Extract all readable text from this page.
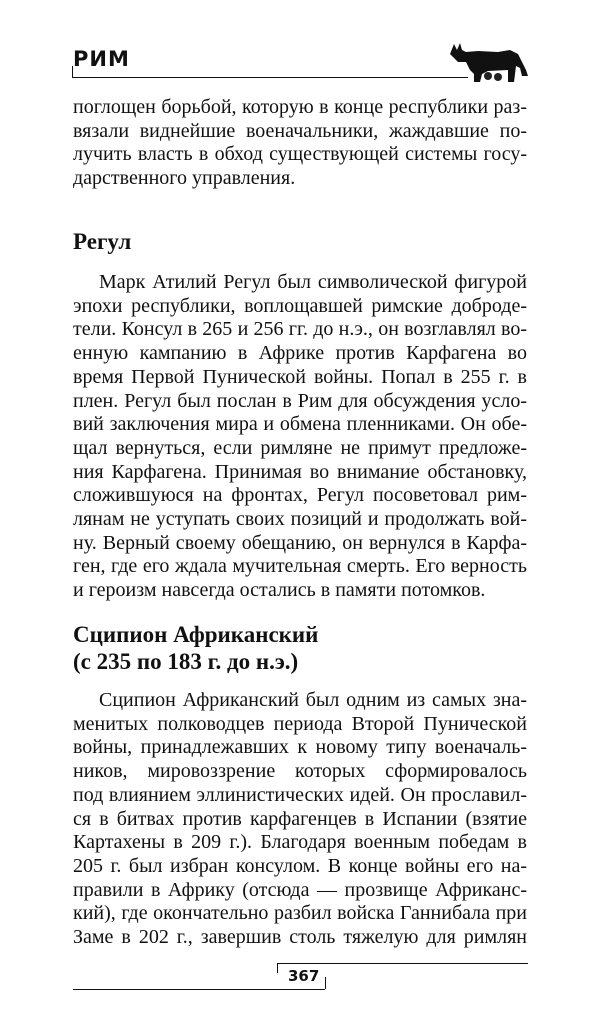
РИМ
поглощен борьбой, которую в конце республики раз-
вязали виднейшие военачальники, жаждавшие по-
лучить власть в обход существующей системы госу-
дарственного управления.
Регул
Марк Атилий Регул был символической фигурой
эпохи республики, воплощавшей римские доброде-
тели. Консул в 265 и 256 гг. до н.э., он возглавлял во-
енную кампанию в Африке против Карфагена во
время Первой Пунической войны. Попал в 255 г. в
плен. Регул был послан в Рим для обсуждения усло-
вий заключения мира и обмена пленниками. Он обе-
щал вернуться, если римляне не примут предложе-
ния Карфагена. Принимая во внимание обстановку,
сложившуюся на фронтах, Регул посоветовал рим-
лянам не уступать своих позиций и продолжать вой-
ну. Верный своему обещанию, он вернулся в Карфа-
ген, где его ждала мучительная смерть. Его верность
и героизм навсегда остались в памяти потомков.
Сципион Африканский
(с 235 по 183 г. до н.э.)
Сципион Африканский был одним из самых зна-
менитых полководцев периода Второй Пунической
войны, принадлежавших к новому типу военачаль-
ников, мировоззрение которых сформировалось
под влиянием эллинистических идей. Он прославил-
ся в битвах против карфагенцев в Испании (взятие
Картахены в 209 г.). Благодаря военным победам в
205 г. был избран консулом. В конце войны его на-
правили в Африку (отсюда — прозвище Африканс-
кий), где окончательно разбил войска Ганнибала при
Заме в 202 г., завершив столь тяжелую для римлян
367
